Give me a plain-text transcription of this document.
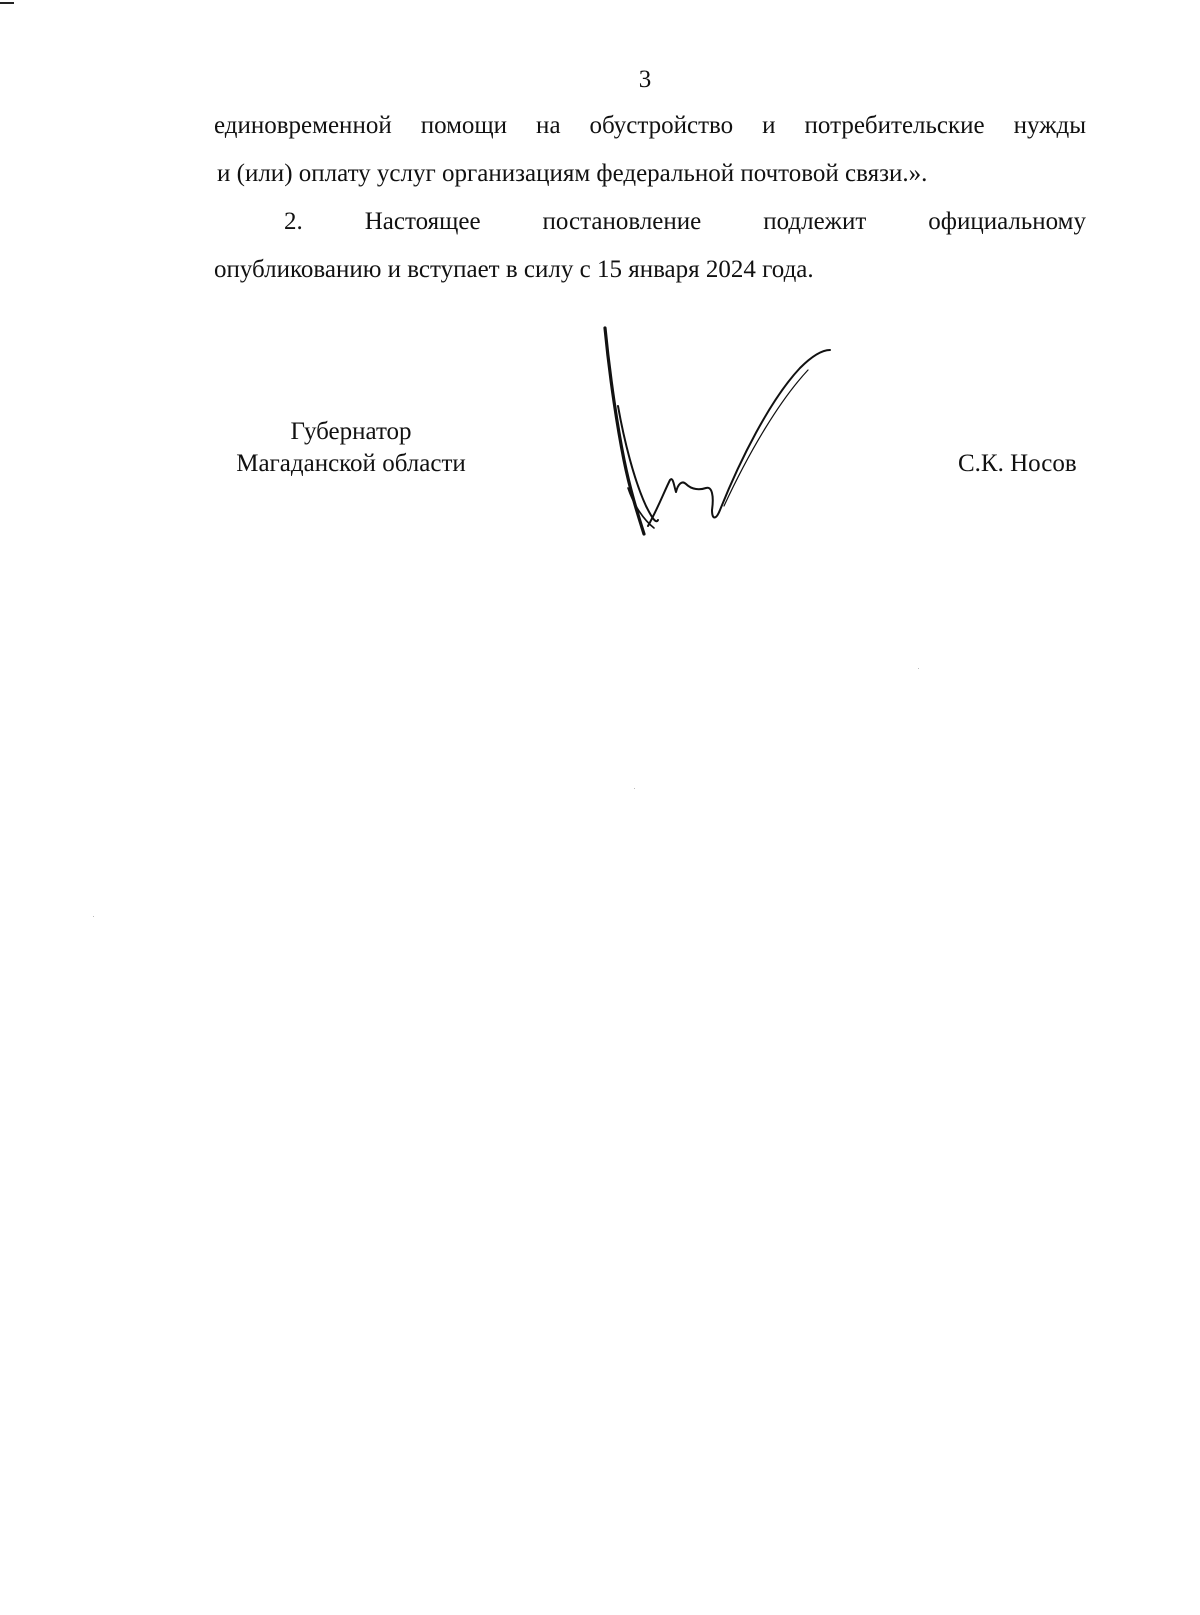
3
единовременной помощи на обустройство и потребительские нужды
и (или) оплату услуг организациям федеральной почтовой связи.».
2. Настоящее постановление подлежит официальному
опубликованию и вступает в силу с 15 января 2024 года.
Губернатор
Магаданской области	С.К. Носов
